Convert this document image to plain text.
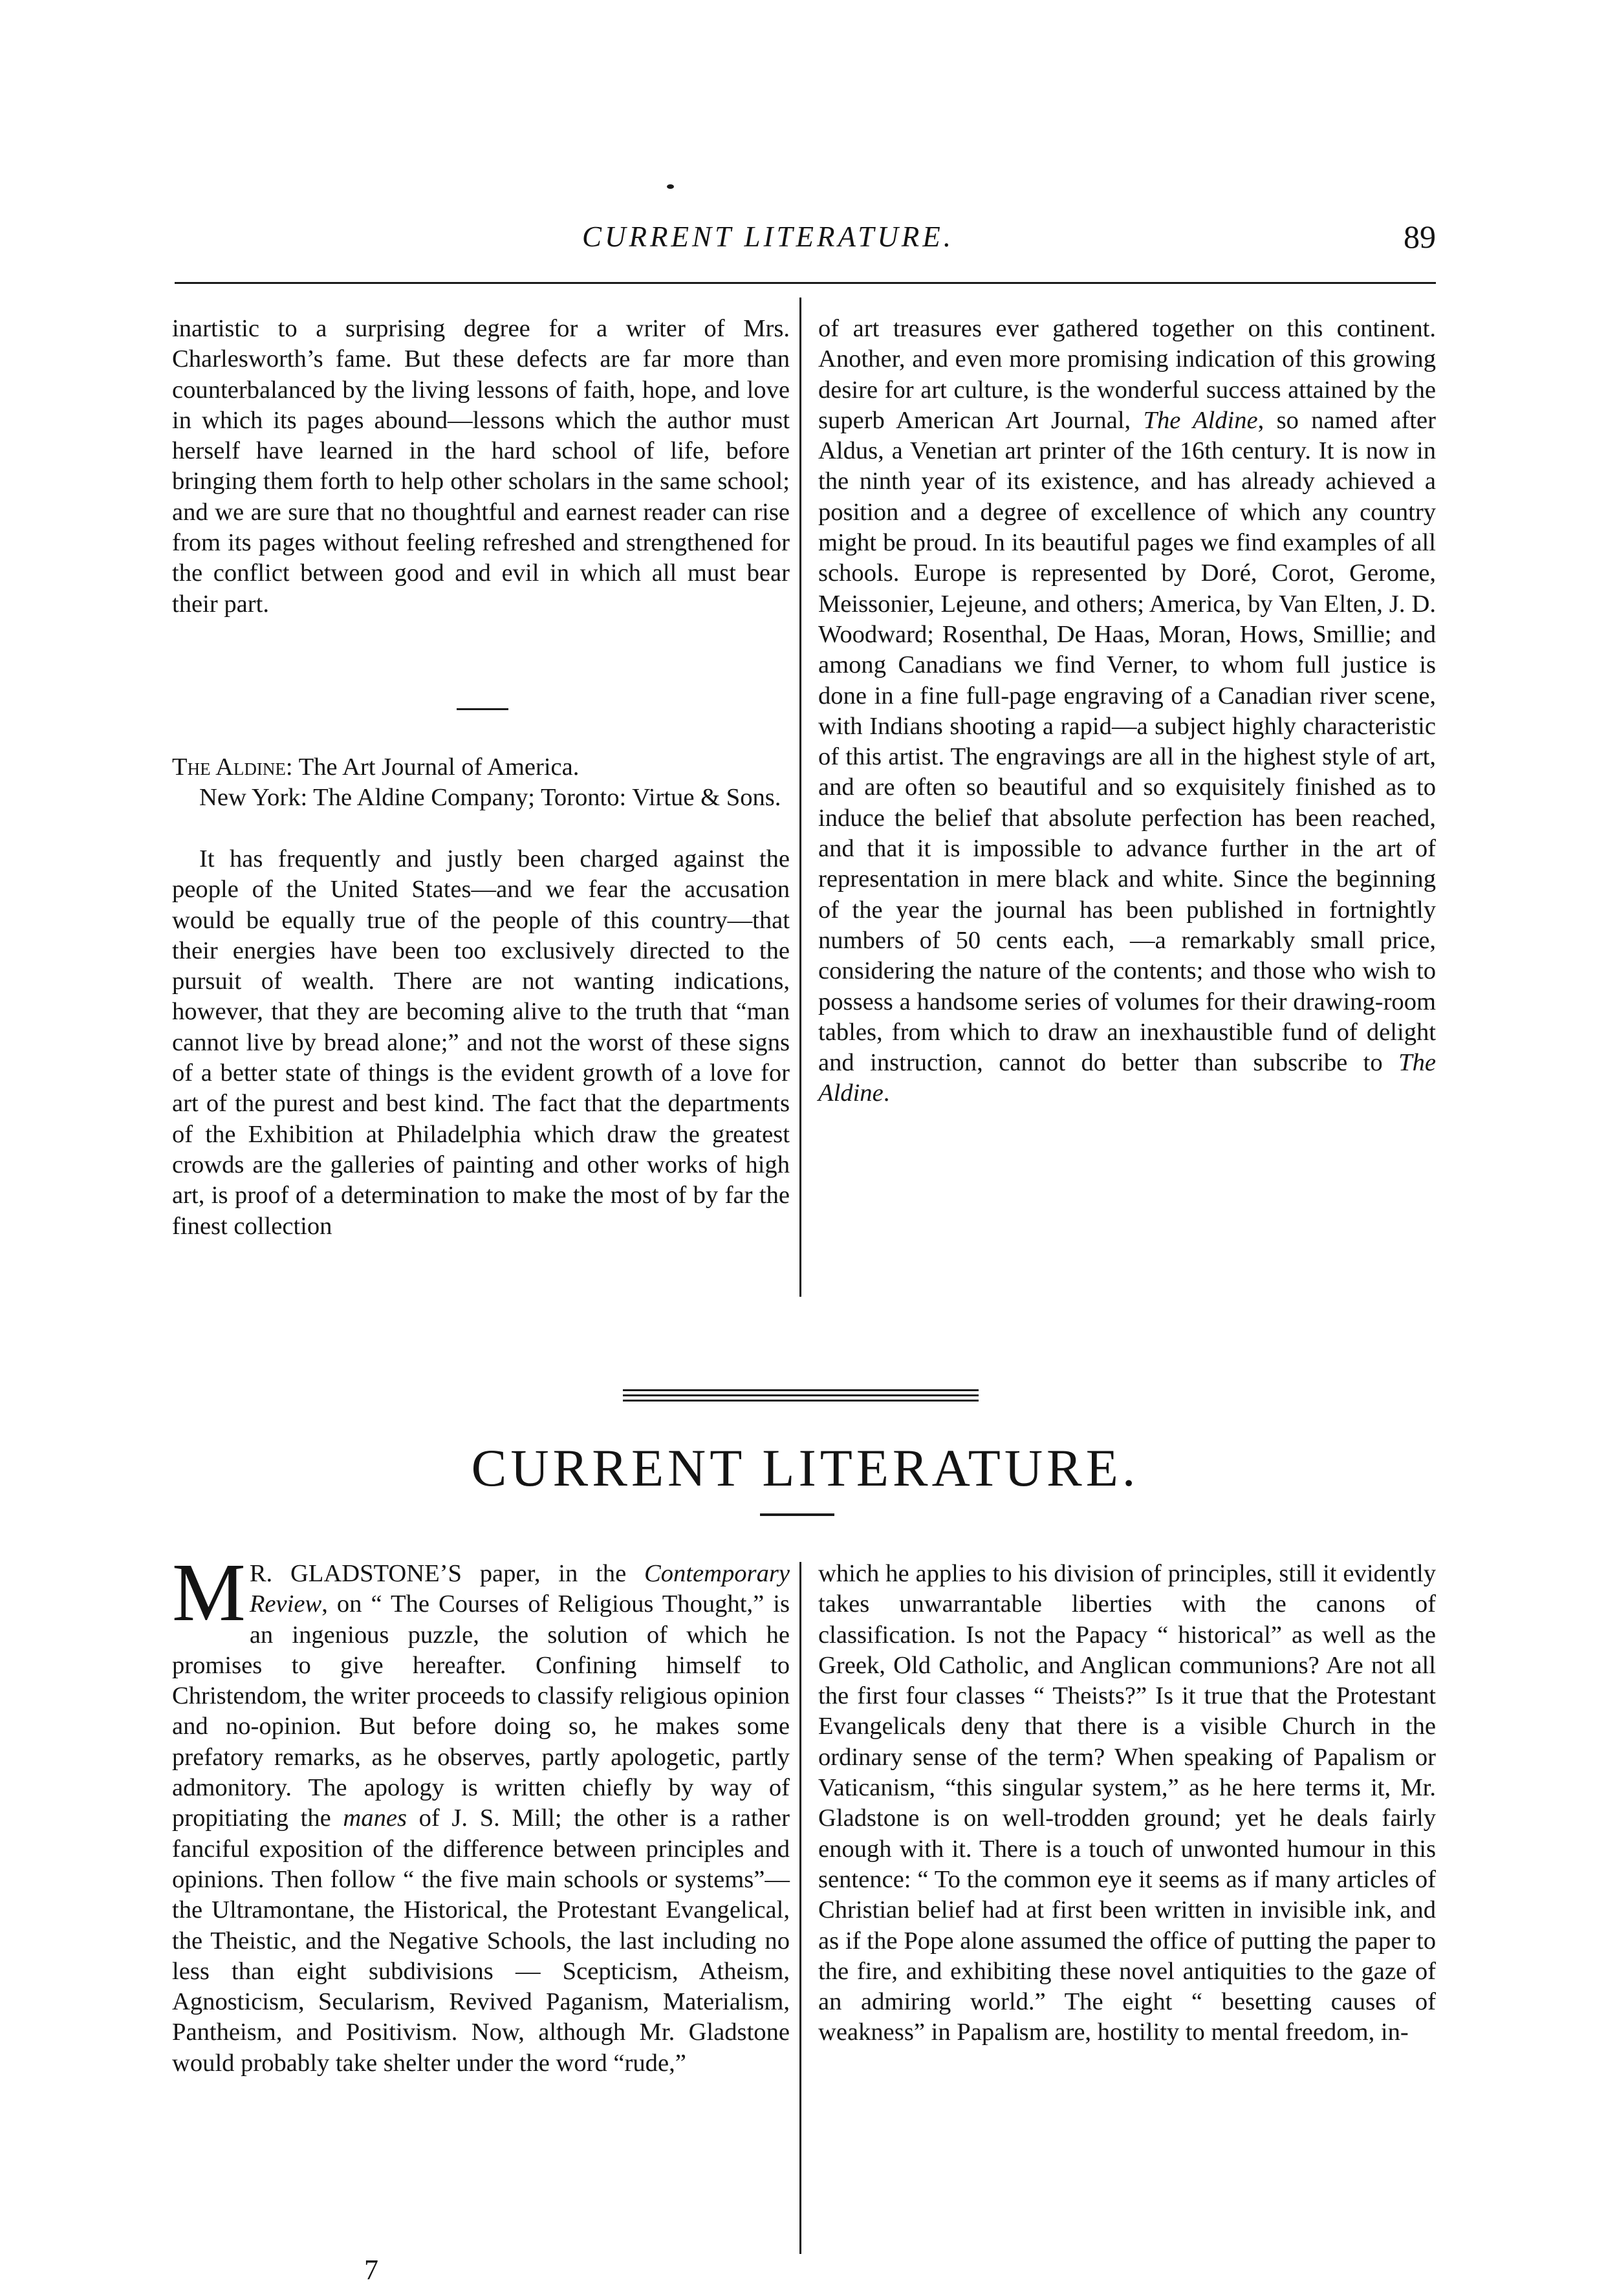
CURRENT LITERATURE.	89

inartistic to a surprising degree for a writer of Mrs. Charlesworth’s fame. But these defects are far more than counterbalanced by the living lessons of faith, hope, and love in which its pages abound—lessons which the author must herself have learned in the hard school of life, before bringing them forth to help other scholars in the same school; and we are sure that no thoughtful and earnest reader can rise from its pages without feeling refreshed and strengthened for the conflict between good and evil in which all must bear their part.

The Aldine: The Art Journal of America.
New York: The Aldine Company; Toronto: Virtue & Sons.

It has frequently and justly been charged against the people of the United States—and we fear the accusation would be equally true of the people of this country—that their energies have been too exclusively directed to the pursuit of wealth. There are not wanting indications, however, that they are becoming alive to the truth that “man cannot live by bread alone;” and not the worst of these signs of a better state of things is the evident growth of a love for art of the purest and best kind. The fact that the departments of the Exhibition at Philadelphia which draw the greatest crowds are the galleries of painting and other works of high art, is proof of a determination to make the most of by far the finest collection

of art treasures ever gathered together on this continent. Another, and even more promising indication of this growing desire for art culture, is the wonderful success attained by the superb American Art Journal, The Aldine, so named after Aldus, a Venetian art printer of the 16th century. It is now in the ninth year of its existence, and has already achieved a position and a degree of excellence of which any country might be proud. In its beautiful pages we find examples of all schools. Europe is represented by Doré, Corot, Gerome, Meissonier, Lejeune, and others; America, by Van Elten, J. D. Woodward; Rosenthal, De Haas, Moran, Hows, Smillie; and among Canadians we find Verner, to whom full justice is done in a fine full-page engraving of a Canadian river scene, with Indians shooting a rapid—a subject highly characteristic of this artist. The engravings are all in the highest style of art, and are often so beautiful and so exquisitely finished as to induce the belief that absolute perfection has been reached, and that it is impossible to advance further in the art of representation in mere black and white. Since the beginning of the year the journal has been published in fortnightly numbers of 50 cents each, —a remarkably small price, considering the nature of the contents; and those who wish to possess a handsome series of volumes for their drawing-room tables, from which to draw an inexhaustible fund of delight and instruction, cannot do better than subscribe to The Aldine.

CURRENT LITERATURE.

M R. GLADSTONE’S paper, in the Contemporary Review, on “ The Courses of Religious Thought,” is an ingenious puzzle, the solution of which he promises to give hereafter. Confining himself to Christendom, the writer proceeds to classify religious opinion and no-opinion. But before doing so, he makes some prefatory remarks, as he observes, partly apologetic, partly admonitory. The apology is written chiefly by way of propitiating the manes of J. S. Mill; the other is a rather fanciful exposition of the difference between principles and opinions. Then follow “ the five main schools or systems”—the Ultramontane, the Historical, the Protestant Evangelical, the Theistic, and the Negative Schools, the last including no less than eight subdivisions — Scepticism, Atheism, Agnosticism, Secularism, Revived Paganism, Materialism, Pantheism, and Positivism. Now, although Mr. Gladstone would probably take shelter under the word “rude,”

which he applies to his division of principles, still it evidently takes unwarrantable liberties with the canons of classification. Is not the Papacy “ historical” as well as the Greek, Old Catholic, and Anglican communions? Are not all the first four classes “ Theists?” Is it true that the Protestant Evangelicals deny that there is a visible Church in the ordinary sense of the term? When speaking of Papalism or Vaticanism, “this singular system,” as he here terms it, Mr. Gladstone is on well-trodden ground; yet he deals fairly enough with it. There is a touch of unwonted humour in this sentence: “ To the common eye it seems as if many articles of Christian belief had at first been written in invisible ink, and as if the Pope alone assumed the office of putting the paper to the fire, and exhibiting these novel antiquities to the gaze of an admiring world.” The eight “ besetting causes of weakness” in Papalism are, hostility to mental freedom, in-

7
